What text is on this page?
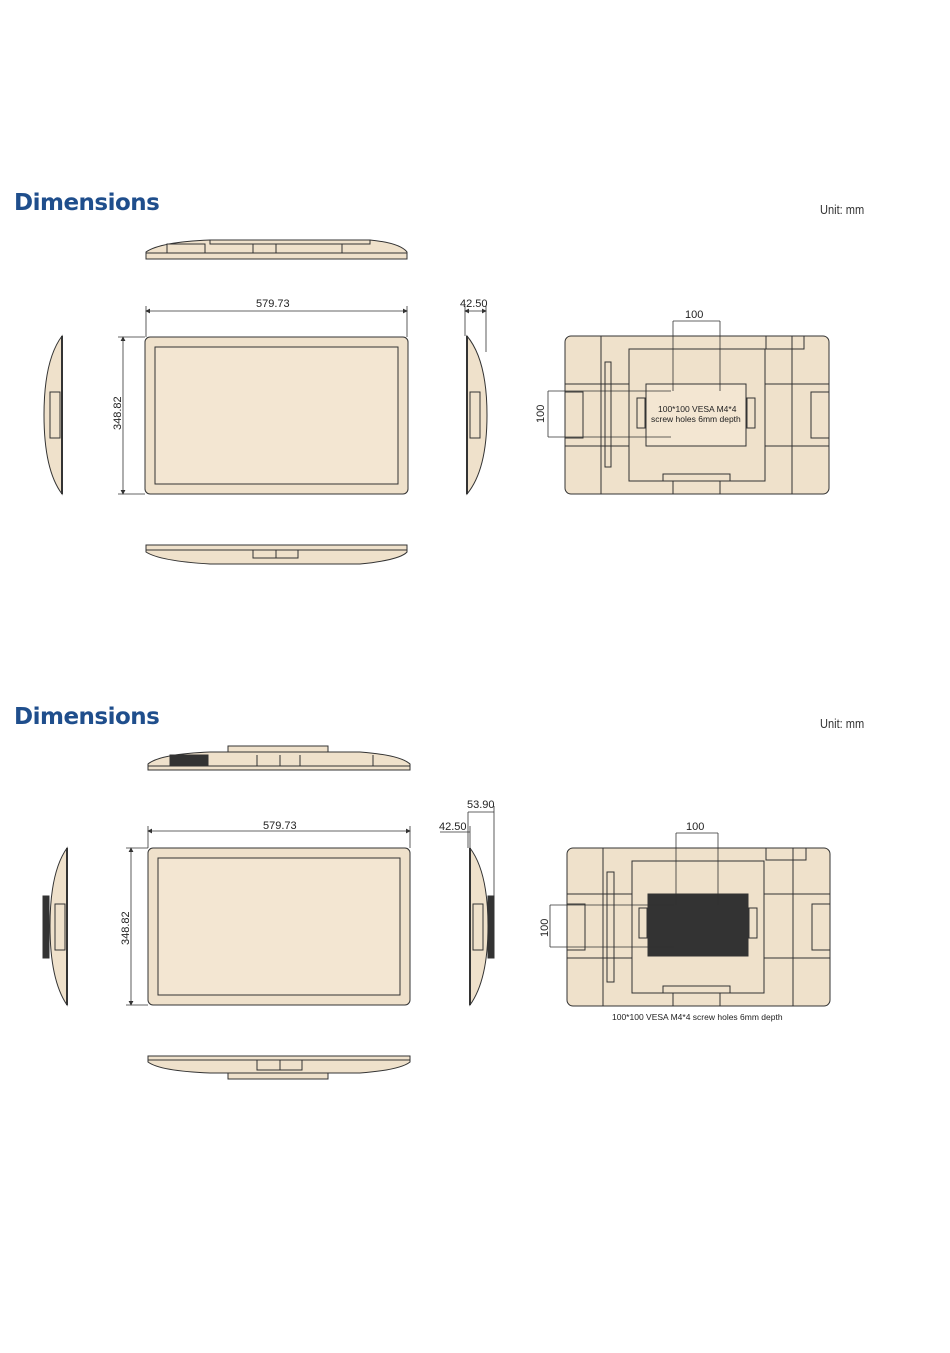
Dimensions	Unit: mm
Dimensions	Unit: mm
579.73
348.82
42.50
100
100	100*100 VESA M4*4
screw holes 6mm depth
579.73
348.82
42.50
53.90
100
100
100*100 VESA M4*4 screw holes 6mm depth
